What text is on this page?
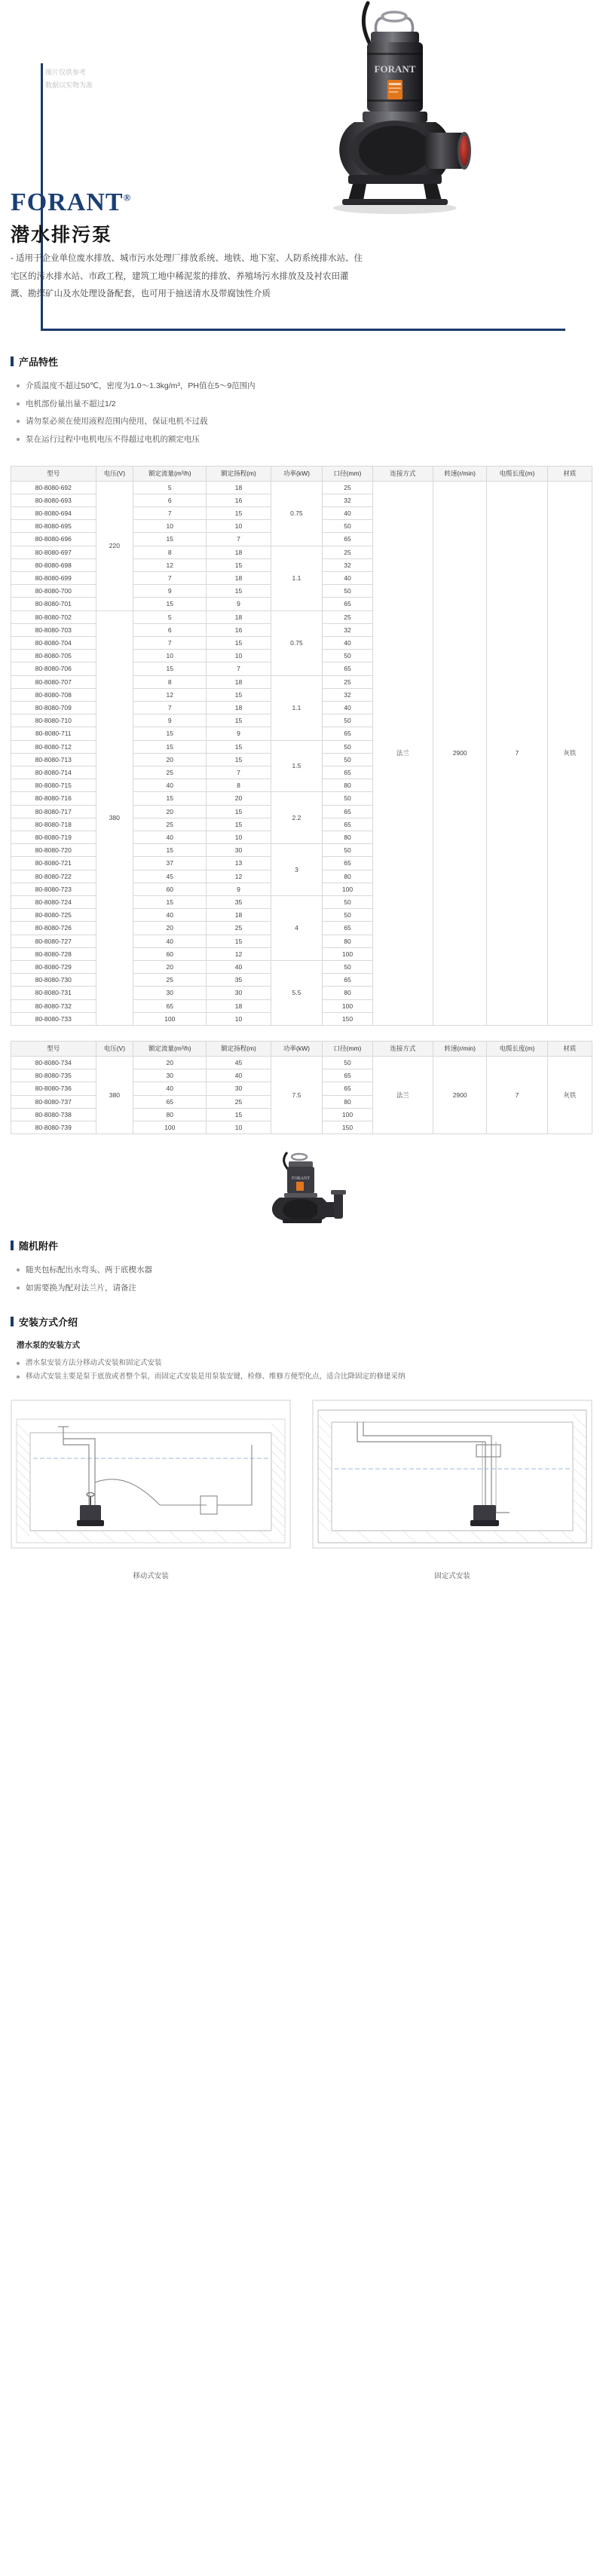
图片仅供参考
数据以实物为准
FORANT
FORANT®
潜水排污泵
- 适用于企业单位废水排放、城市污水处理厂排放系统、地铁、地下室、人防系统排水站、住宅区的污水排水站、市政工程，建筑工地中稀泥浆的排放、养殖场污水排放及及衬农田灌溉、勘探矿山及水处理设备配套，也可用于抽送清水及带腐蚀性介质
产品特性
介质温度不超过50℃，密度为1.0～1.3kg/m³，PH值在5～9范围内
电机部份量出量不超过1/2
请勿泵必须在使用液程范围内使用，保证电机不过载
泵在运行过程中电机电压不得超过电机的额定电压
型号	电压(V)	额定流量(m³/h)	额定扬程(m)	功率(kW)	口径(mm)	连接方式	转速(r/min)	电缆长度(m)	材质
80-8080-692	220	5	18	0.75	25	法兰	2900	7	灰铁
80-8080-693		6	16		32				
80-8080-694		7	15		40				
80-8080-695		10	10		50				
80-8080-696		15	7		65				
80-8080-697		8	18	1.1	25				
80-8080-698		12	15		32				
80-8080-699		7	18		40				
80-8080-700		9	15		50				
80-8080-701		15	9		65				
80-8080-702	380	5	18	0.75	25				
80-8080-703		6	16		32				
80-8080-704		7	15		40				
80-8080-705		10	10		50				
80-8080-706		15	7		65				
80-8080-707		8	18	1.1	25				
80-8080-708		12	15		32				
80-8080-709		7	18		40				
80-8080-710		9	15		50				
80-8080-711		15	9		65				
80-8080-712		15	15	1.5	50				
80-8080-713		20	15		50				
80-8080-714		25	7		65				
80-8080-715		40	8		80				
80-8080-716		15	20	2.2	50				
80-8080-717		20	15		65				
80-8080-718		25	15		65				
80-8080-719		40	10		80				
80-8080-720		15	30	3	50				
80-8080-721		37	13		65				
80-8080-722		45	12		80				
80-8080-723		60	9		100				
80-8080-724		15	35	4	50				
80-8080-725		40	18		50				
80-8080-726		20	25		65				
80-8080-727		40	15		80				
80-8080-728		60	12		100				
80-8080-729		20	40	5.5	50				
80-8080-730		25	35		65				
80-8080-731		30	30		80				
80-8080-732		65	18		100				
80-8080-733		100	10		150				
型号	电压(V)	额定流量(m³/h)	额定扬程(m)	功率(kW)	口径(mm)	连接方式	转速(r/min)	电缆长度(m)	材质
80-8080-734	380	20	45	7.5	50	法兰	2900	7	灰铁
80-8080-735		30	40		65				
80-8080-736		40	30		65				
80-8080-737		65	25		80				
80-8080-738		80	15		100				
80-8080-739		100	10		150				
FORANT
随机附件
随夹包标配出水弯头、两于底楔水器
如需要换为配对法兰片，请备注
安装方式介绍
潜水泵的安装方式
潜水泵安装方法分移动式安装和固定式安装
移动式安装主要是泵于底放或者整个泵，而固定式安装是用泵装安键，检修、维修方便型化点，适合比降固定的修建采纳
移动式安装	固定式安装
